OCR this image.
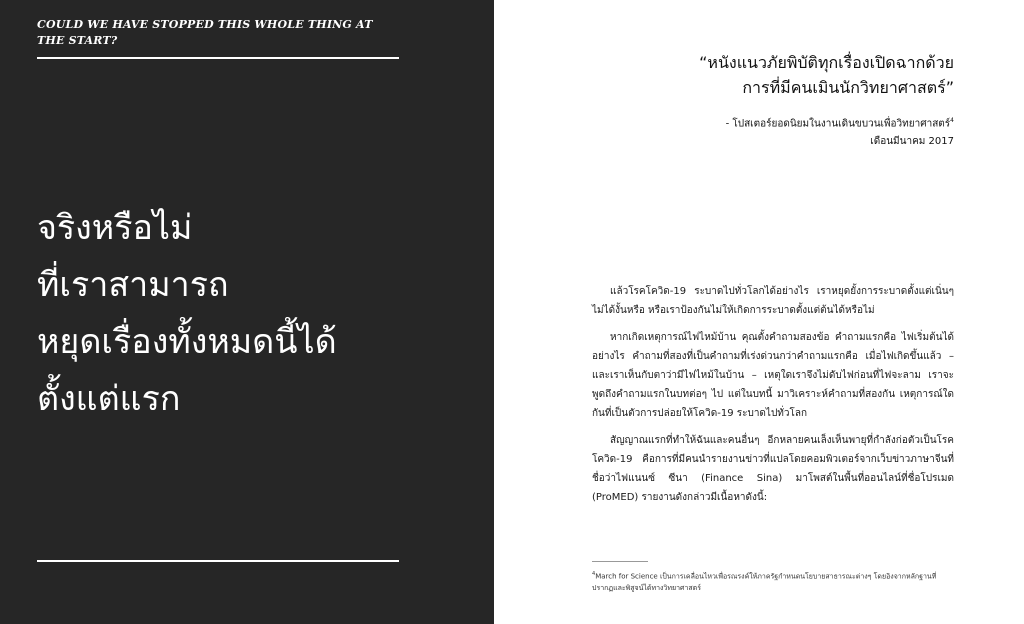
COULD WE HAVE STOPPED THIS WHOLE THING AT THE START?
จริงหรือไม่
ที่เราสามารถ
หยุดเรื่องทั้งหมดนี้ได้
ตั้งแต่แรก
“หนังแนวภัยพิบัติทุกเรื่องเปิดฉากด้วย
การที่มีคนเมินนักวิทยาศาสตร์”
- โปสเตอร์ยอดนิยมในงานเดินขบวนเพื่อวิทยาศาสตร์$^4$
เดือนมีนาคม 2017

แล้วโรคโควิด-19 ระบาดไปทั่วโลกได้อย่างไร เราหยุดยั้งการระบาดตั้งแต่เนิ่นๆ ไม่ได้งั้นหรือ หรือเราป้องกันไม่ให้เกิดการระบาดตั้งแต่ต้นได้หรือไม่

หากเกิดเหตุการณ์ไฟไหม้บ้าน คุณตั้งคำถามสองข้อ คำถามแรกคือ ไฟเริ่มต้นได้อย่างไร คำถามที่สองที่เป็นคำถามที่เร่งด่วนกว่าคำถามแรกคือ เมื่อไฟเกิดขึ้นแล้ว – และเราเห็นกับตาว่ามีไฟไหม้ในบ้าน – เหตุใดเราจึงไม่ดับไฟก่อนที่ไฟจะลาม เราจะพูดถึงคำถามแรกในบทต่อๆ ไป แต่ในบทนี้ มาวิเคราะห์คำถามที่สองกัน เหตุการณ์ใดกันที่เป็นตัวการปล่อยให้โควิด-19 ระบาดไปทั่วโลก

สัญญาณแรกที่ทำให้ฉันและคนอื่นๆ อีกหลายคนเล็งเห็นพายุที่กำลังก่อตัวเป็นโรคโควิด-19 คือการที่มีคนนำรายงานข่าวที่แปลโดยคอมพิวเตอร์จากเว็บข่าวภาษาจีนที่ชื่อว่าไฟแนนซ์ ซีนา (Finance Sina) มาโพสต์ในพื้นที่ออนไลน์ที่ชื่อโปรเมด (ProMED) รายงานดังกล่าวมีเนื้อหาดังนี้:

$^4$March for Science เป็นการเคลื่อนไหวเพื่อรณรงค์ให้ภาครัฐกำหนดนโยบายสาธารณะต่างๆ โดยอิงจากหลักฐานที่ปรากฏและพิสูจน์ได้ทางวิทยาศาสตร์
